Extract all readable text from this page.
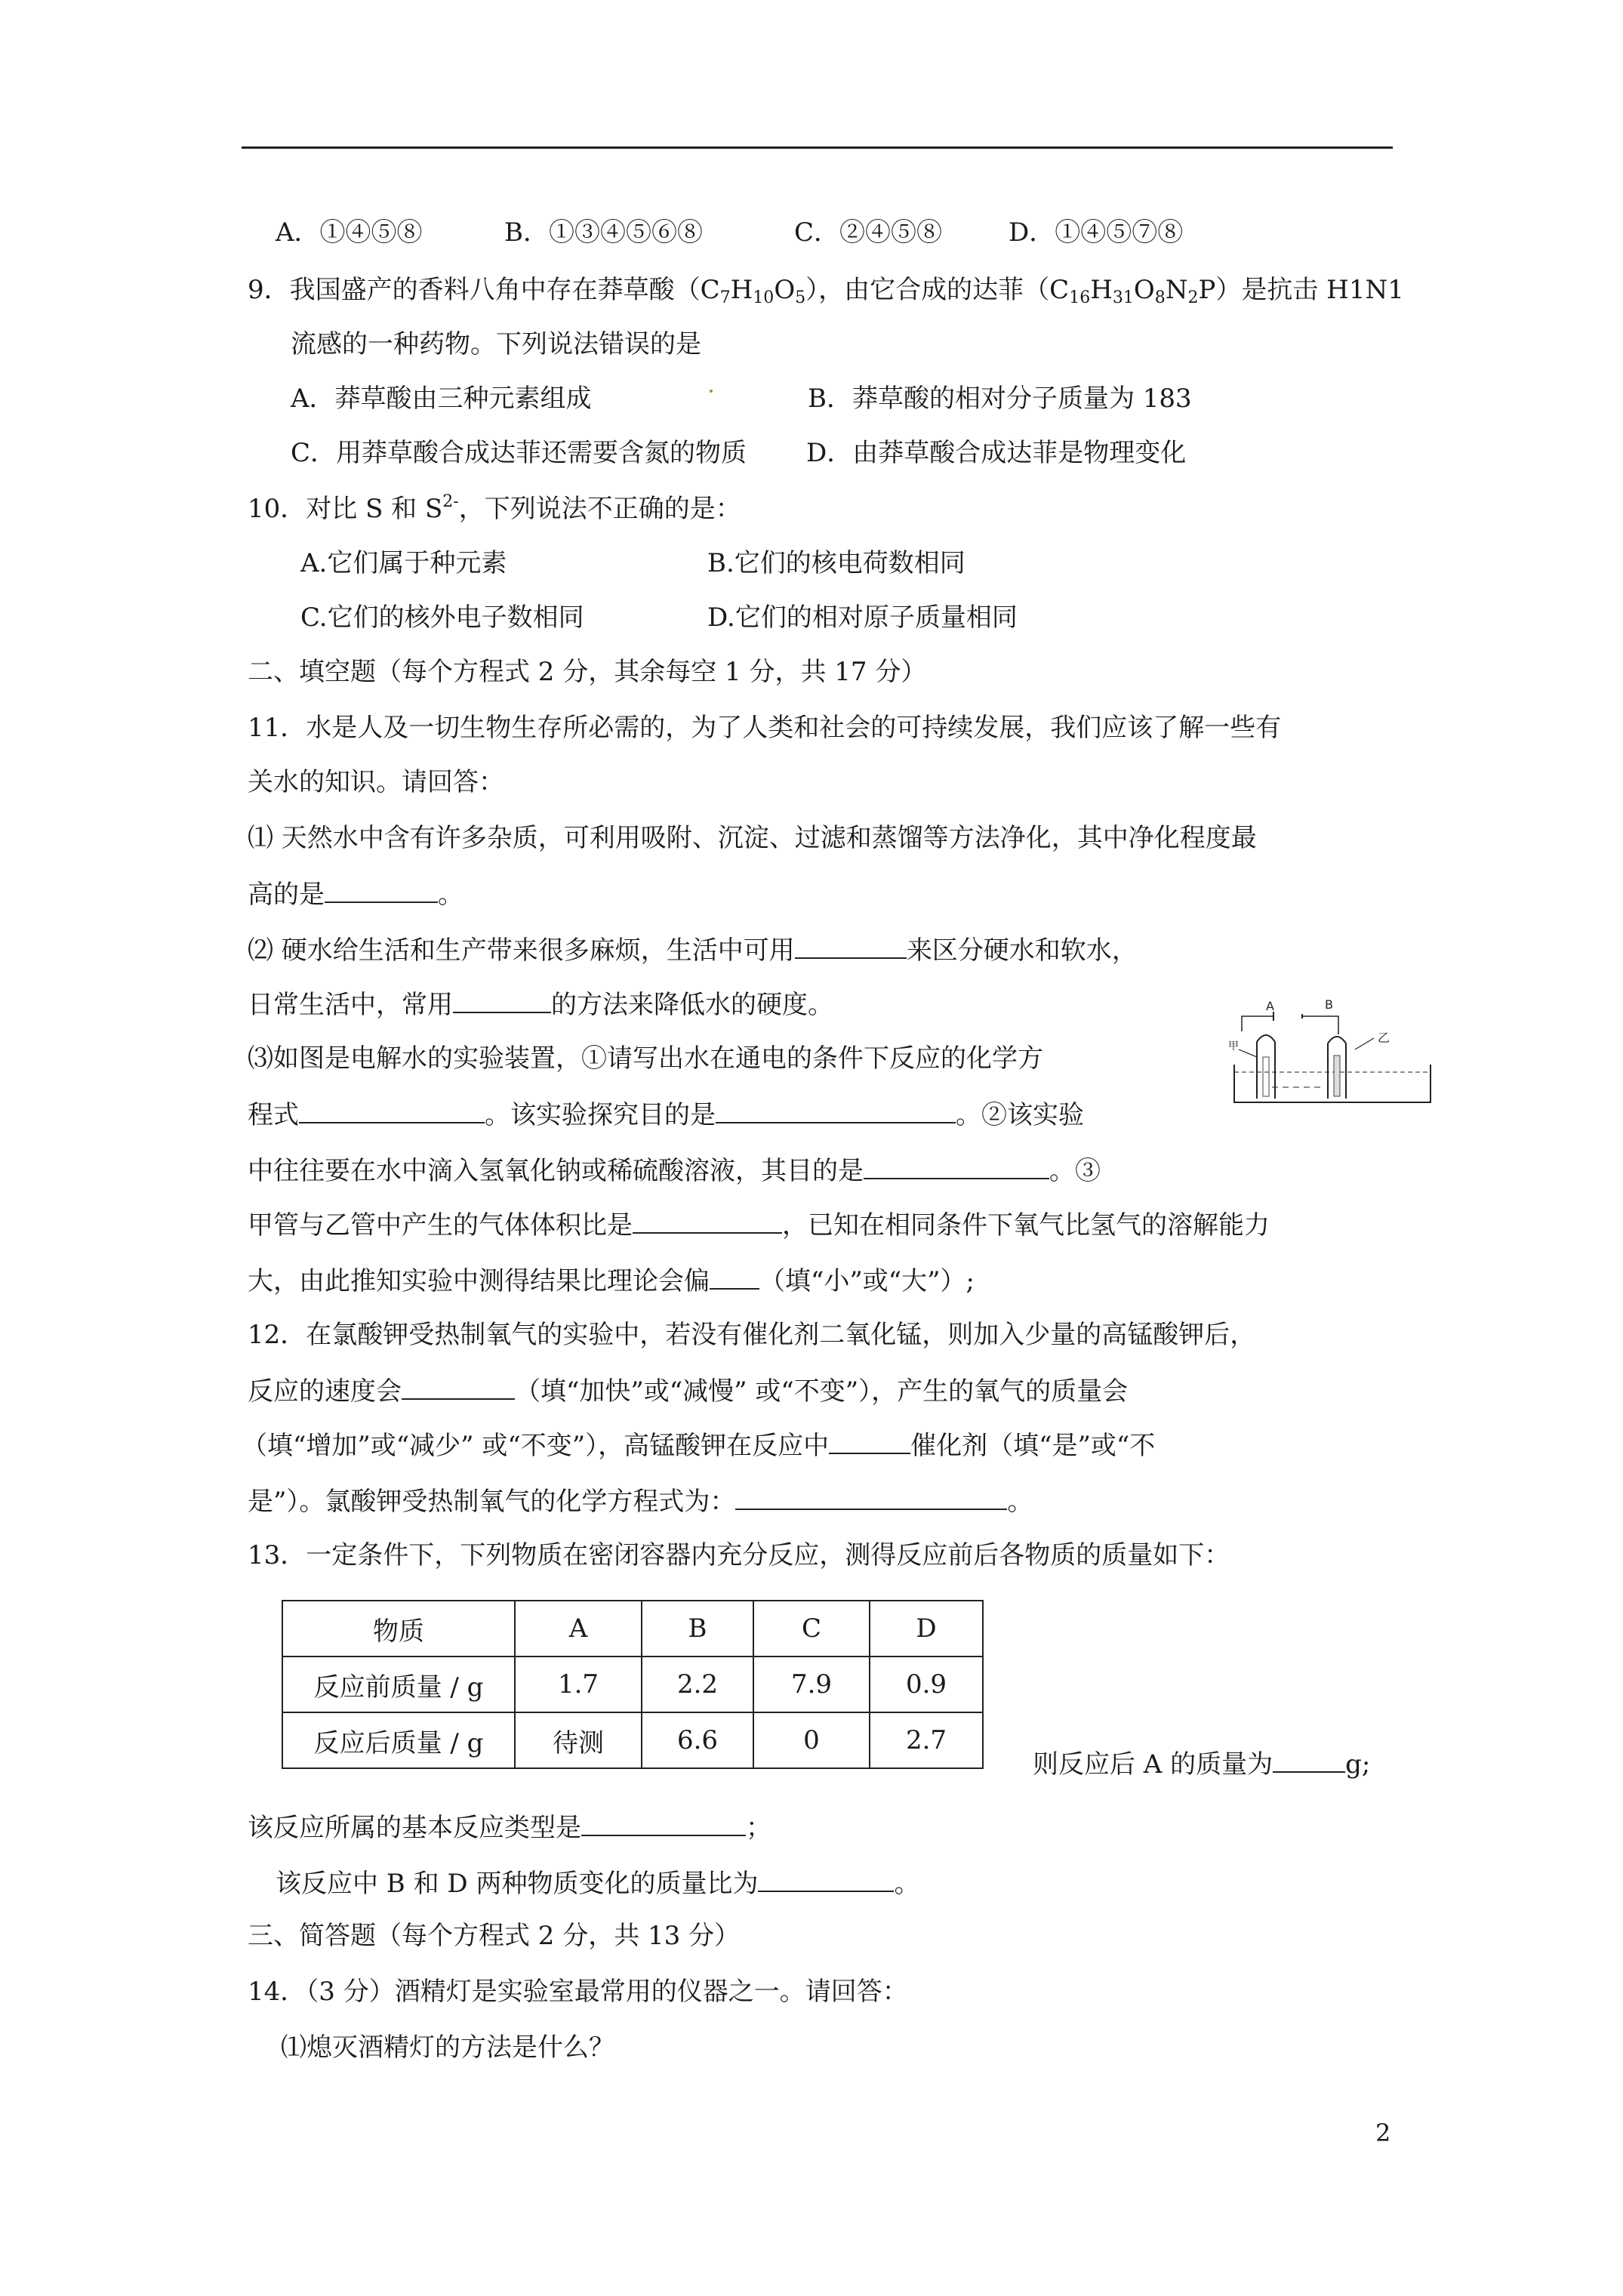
A．①④⑤⑧	B．①③④⑤⑥⑧	C．②④⑤⑧	D．①④⑤⑦⑧
9．我国盛产的香料八角中存在莽草酸$(C_7H_{10}O_5)$，由它合成的达菲$(C_{16}H_{31}O_8N_2P)$是抗击 H1N1
流感的一种药物。下列说法错误的是
A．莽草酸由三种元素组成	B．莽草酸的相对分子质量为 183
C．用莽草酸合成达菲还需要含氮的物质 D．由莽草酸合成达菲是物理变化
10．对比 S 和 $S^{2-}$，下列说法不正确的是：
A.它们属于种元素	B.它们的核电荷数相同
C.它们的核外电子数相同	D.它们的相对原子质量相同
二、填空题（每个方程式 2 分，其余每空 1 分，共 17 分）
11．水是人及一切生物生存所必需的，为了人类和社会的可持续发展，我们应该了解一些有
关水的知识。请回答：
⑴ 天然水中含有许多杂质，可利用吸附、沉淀、过滤和蒸馏等方法净化，其中净化程度最
高的是	。
⑵ 硬水给生活和生产带来很多麻烦，生活中可用	来区分硬水和软水，
日常生活中，常用	的方法来降低水的硬度。
⑶如图是电解水的实验装置，①请写出水在通电的条件下反应的化学方
程式	。该实验探究目的是	。②该实验
中往往要在水中滴入氢氧化钠或稀硫酸溶液，其目的是	。③
甲管与乙管中产生的气体体积比是	，已知在相同条件下氧气比氢气的溶解能力
大，由此推知实验中测得结果比理论会偏 （填“小”或“大”）;
A	B
甲
乙
12．在氯酸钾受热制氧气的实验中，若没有催化剂二氧化锰，则加入少量的高锰酸钾后，
反应的速度会	（填“加快”或“减慢” 或“不变”），产生的氧气的质量会
（填“增加”或“减少” 或“不变”），高锰酸钾在反应中	催化剂（填“是”或“不
是”）。氯酸钾受热制氧气的化学方程式为：	。
13．一定条件下，下列物质在密闭容器内充分反应，测得反应前后各物质的质量如下：
物质	A	B	C	D
反应前质量 / g	1.7	2.2	7.9	0.9
反应后质量 / g	待测	6.6	0	2.7
则反应后 A 的质量为	g;
该反应所属的基本反应类型是	；
该反应中 B 和 D 两种物质变化的质量比为	。
三、简答题（每个方程式 2 分，共 13 分）
14．（3 分）酒精灯是实验室最常用的仪器之一。请回答：
⑴熄灭酒精灯的方法是什么？
2
